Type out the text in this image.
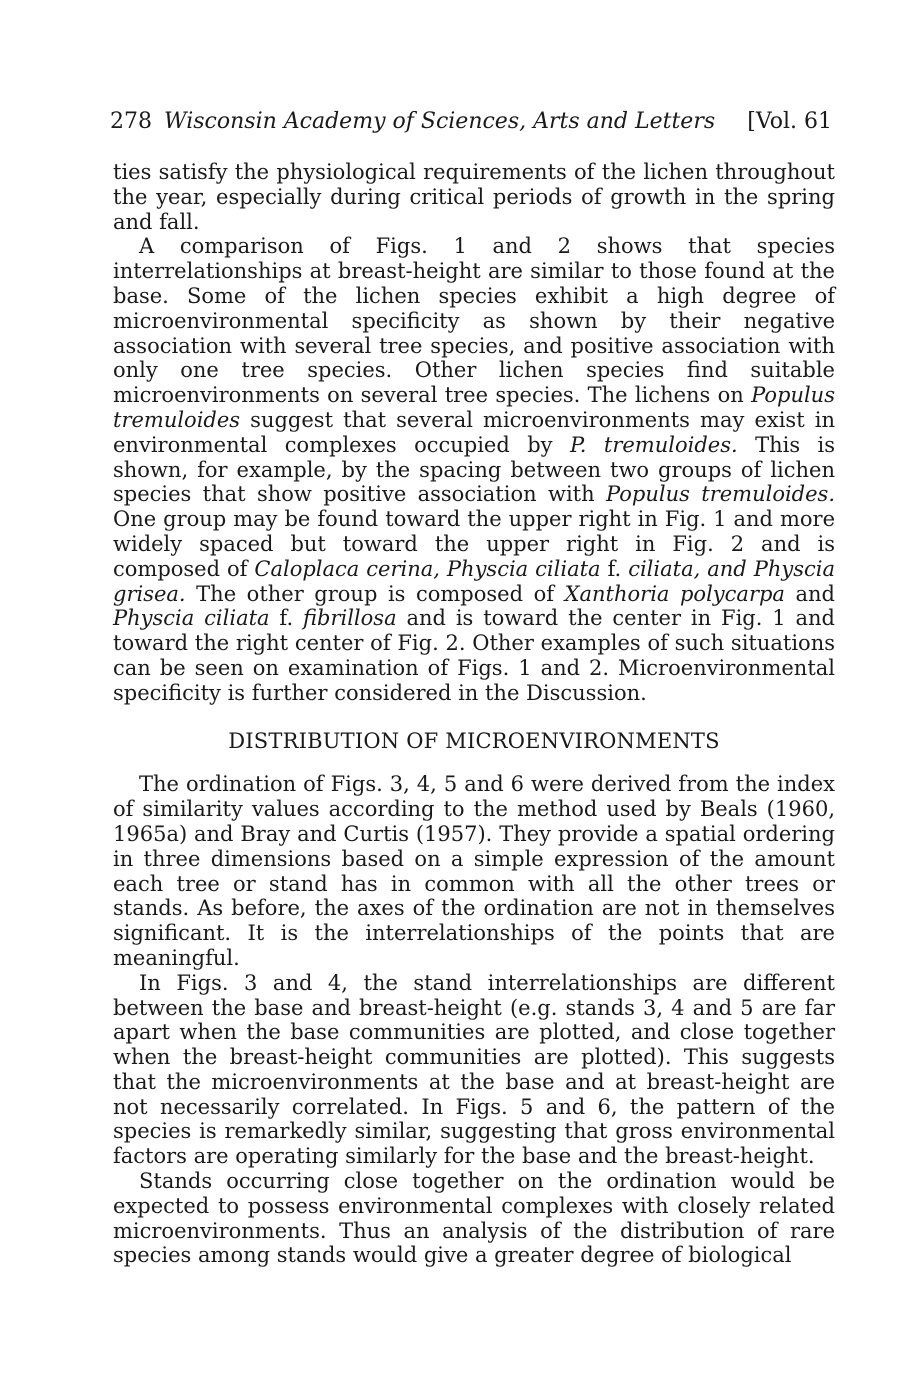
278 Wisconsin Academy of Sciences, Arts and Letters	[Vol. 61

ties satisfy the physiological requirements of the lichen throughout the year, especially during critical periods of growth in the spring and fall.

A comparison of Figs. 1 and 2 shows that species interrelationships at breast-height are similar to those found at the base. Some of the lichen species exhibit a high degree of microenvironmental specificity as shown by their negative association with several tree species, and positive association with only one tree species. Other lichen species find suitable microenvironments on several tree species. The lichens on Populus tremuloides suggest that several microenvironments may exist in environmental complexes occupied by P. tremuloides. This is shown, for example, by the spacing between two groups of lichen species that show positive association with Populus tremuloides. One group may be found toward the upper right in Fig. 1 and more widely spaced but toward the upper right in Fig. 2 and is composed of Caloplaca cerina, Physcia ciliata f. ciliata, and Physcia grisea. The other group is composed of Xanthoria polycarpa and Physcia ciliata f. fibrillosa and is toward the center in Fig. 1 and toward the right center of Fig. 2. Other examples of such situations can be seen on examination of Figs. 1 and 2. Microenvironmental specificity is further considered in the Discussion.

DISTRIBUTION OF MICROENVIRONMENTS

The ordination of Figs. 3, 4, 5 and 6 were derived from the index of similarity values according to the method used by Beals (1960, 1965a) and Bray and Curtis (1957). They provide a spatial ordering in three dimensions based on a simple expression of the amount each tree or stand has in common with all the other trees or stands. As before, the axes of the ordination are not in themselves significant. It is the interrelationships of the points that are meaningful.

In Figs. 3 and 4, the stand interrelationships are different between the base and breast-height (e.g. stands 3, 4 and 5 are far apart when the base communities are plotted, and close together when the breast-height communities are plotted). This suggests that the microenvironments at the base and at breast-height are not necessarily correlated. In Figs. 5 and 6, the pattern of the species is remarkedly similar, suggesting that gross environmental factors are operating similarly for the base and the breast-height.

Stands occurring close together on the ordination would be expected to possess environmental complexes with closely related microenvironments. Thus an analysis of the distribution of rare species among stands would give a greater degree of biological
